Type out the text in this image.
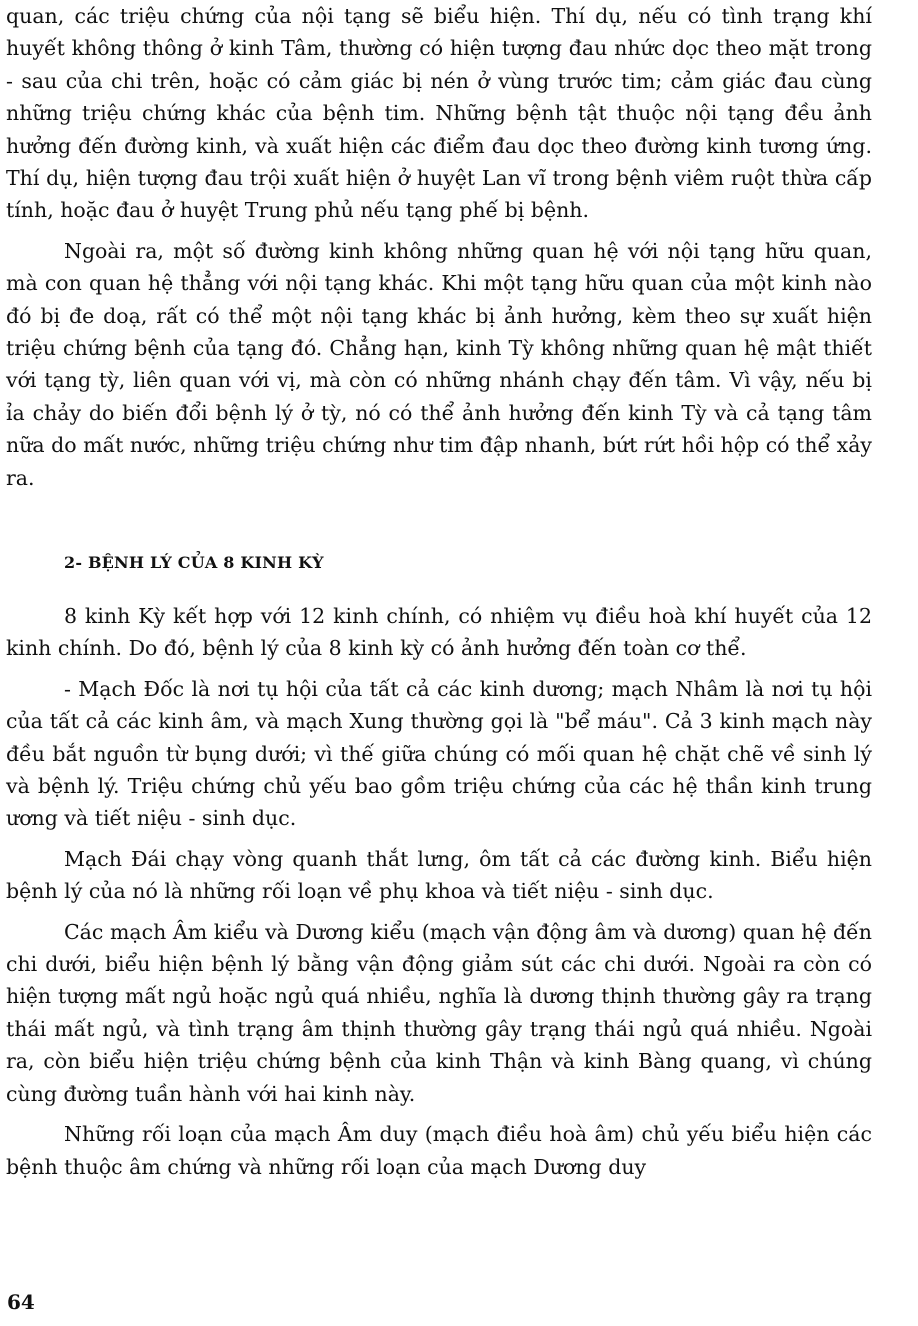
quan, các triệu chứng của nội tạng sẽ biểu hiện. Thí dụ, nếu có tình trạng khí huyết không thông ở kinh Tâm, thường có hiện tượng đau nhức dọc theo mặt trong - sau của chi trên, hoặc có cảm giác bị nén ở vùng trước tim; cảm giác đau cùng những triệu chứng khác của bệnh tim. Những bệnh tật thuộc nội tạng đều ảnh hưởng đến đường kinh, và xuất hiện các điểm đau dọc theo đường kinh tương ứng. Thí dụ, hiện tượng đau trội xuất hiện ở huyệt Lan vĩ trong bệnh viêm ruột thừa cấp tính, hoặc đau ở huyệt Trung phủ nếu tạng phế bị bệnh.

Ngoài ra, một số đường kinh không những quan hệ với nội tạng hữu quan, mà con quan hệ thẳng với nội tạng khác. Khi một tạng hữu quan của một kinh nào đó bị đe doạ, rất có thể một nội tạng khác bị ảnh hưởng, kèm theo sự xuất hiện triệu chứng bệnh của tạng đó. Chẳng hạn, kinh Tỳ không những quan hệ mật thiết với tạng tỳ, liên quan với vị, mà còn có những nhánh chạy đến tâm. Vì vậy, nếu bị ỉa chảy do biến đổi bệnh lý ở tỳ, nó có thể ảnh hưởng đến kinh Tỳ và cả tạng tâm nữa do mất nước, những triệu chứng như tim đập nhanh, bứt rứt hồi hộp có thể xảy ra.

2- BỆNH LÝ CỦA 8 KINH KỲ

8 kinh Kỳ kết hợp với 12 kinh chính, có nhiệm vụ điều hoà khí huyết của 12 kinh chính. Do đó, bệnh lý của 8 kinh kỳ có ảnh hưởng đến toàn cơ thể.

- Mạch Đốc là nơi tụ hội của tất cả các kinh dương; mạch Nhâm là nơi tụ hội của tất cả các kinh âm, và mạch Xung thường gọi là "bể máu". Cả 3 kinh mạch này đều bắt nguồn từ bụng dưới; vì thế giữa chúng có mối quan hệ chặt chẽ về sinh lý và bệnh lý. Triệu chứng chủ yếu bao gồm triệu chứng của các hệ thần kinh trung ương và tiết niệu - sinh dục.

Mạch Đái chạy vòng quanh thắt lưng, ôm tất cả các đường kinh. Biểu hiện bệnh lý của nó là những rối loạn về phụ khoa và tiết niệu - sinh dục.

Các mạch Âm kiểu và Dương kiểu (mạch vận động âm và dương) quan hệ đến chi dưới, biểu hiện bệnh lý bằng vận động giảm sút các chi dưới. Ngoài ra còn có hiện tượng mất ngủ hoặc ngủ quá nhiều, nghĩa là dương thịnh thường gây ra trạng thái mất ngủ, và tình trạng âm thịnh thường gây trạng thái ngủ quá nhiều. Ngoài ra, còn biểu hiện triệu chứng bệnh của kinh Thận và kinh Bàng quang, vì chúng cùng đường tuần hành với hai kinh này.

Những rối loạn của mạch Âm duy (mạch điều hoà âm) chủ yếu biểu hiện các bệnh thuộc âm chứng và những rối loạn của mạch Dương duy

64
